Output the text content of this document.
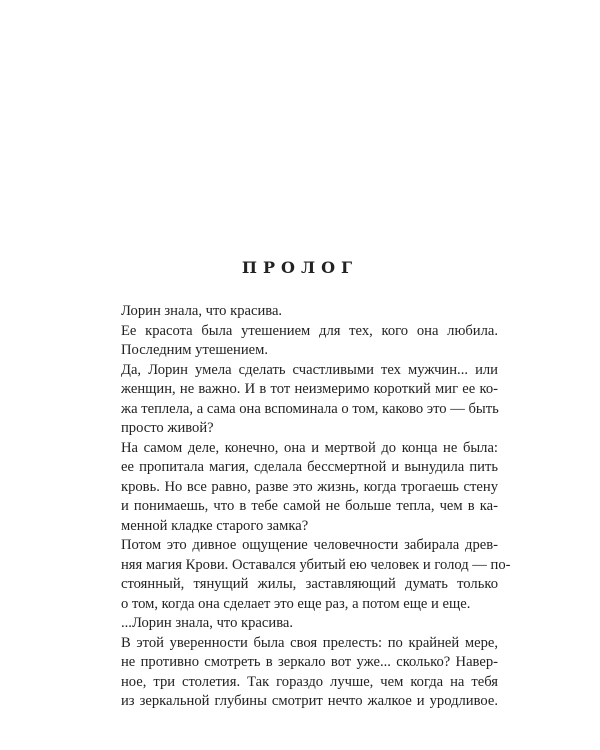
ПРОЛОГ

Лорин знала, что красива.

Ее красота была утешением для тех, кого она любила.
Последним утешением.

Да, Лорин умела сделать счастливыми тех мужчин... или
женщин, не важно. И в тот неизмеримо короткий миг ее ко-
жа теплела, а сама она вспоминала о том, каково это — быть
просто живой?

На самом деле, конечно, она и мертвой до конца не была:
ее пропитала магия, сделала бессмертной и вынудила пить
кровь. Но все равно, разве это жизнь, когда трогаешь стену
и понимаешь, что в тебе самой не больше тепла, чем в ка-
менной кладке старого замка?

Потом это дивное ощущение человечности забирала древ-
няя магия Крови. Оставался убитый ею человек и голод — по-
стоянный, тянущий жилы, заставляющий думать только
о том, когда она сделает это еще раз, а потом еще и еще.

...Лорин знала, что красива.

В этой уверенности была своя прелесть: по крайней мере,
не противно смотреть в зеркало вот уже... сколько? Навер-
ное, три столетия. Так гораздо лучше, чем когда на тебя
из зеркальной глубины смотрит нечто жалкое и уродливое.
